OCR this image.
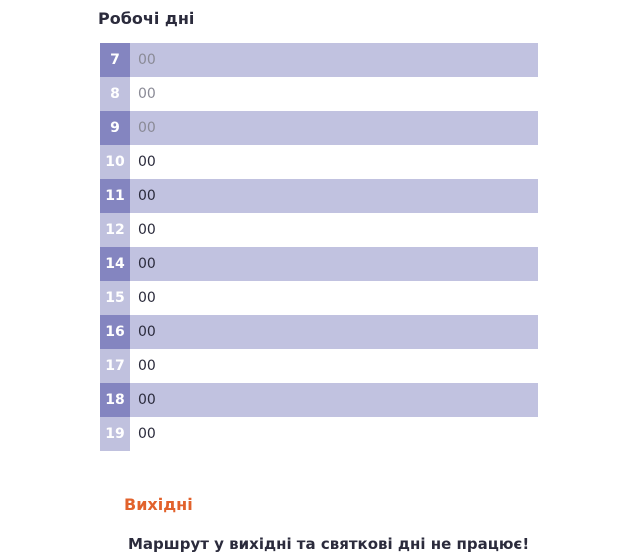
Робочі дні
7	00
8	00
9	00
10 00
11 00
12 00
14 00
15 00
16 00
17 00
18 00
19 00
Вихідні
Маршрут у вихідні та святкові дні не працює!
